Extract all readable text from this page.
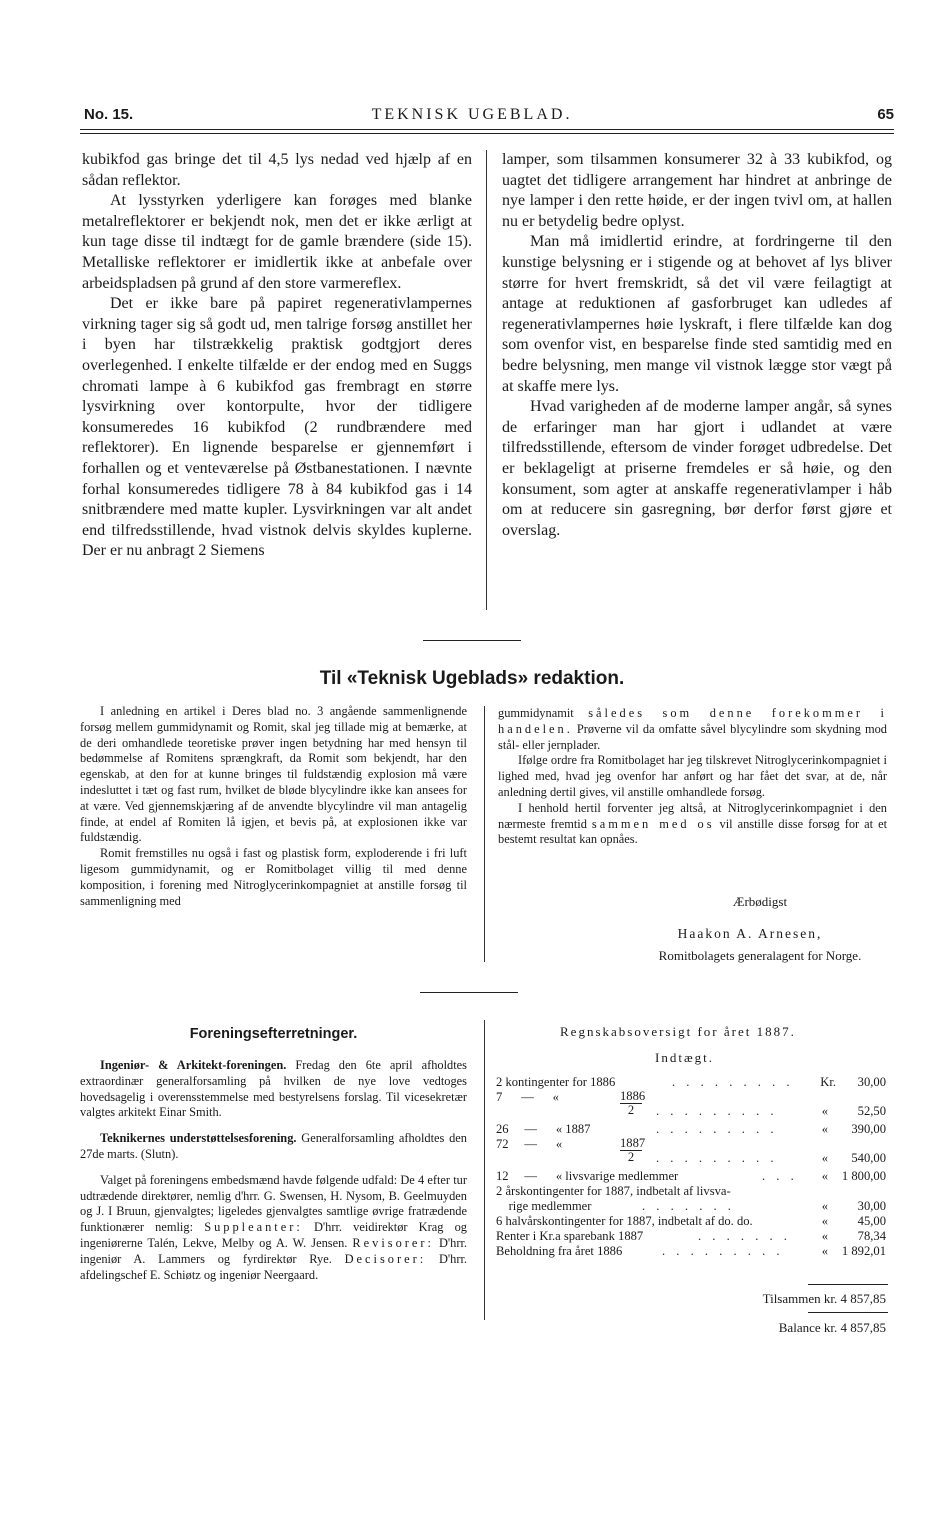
No. 15.	TEKNISK UGEBLAD.	65

kubikfod gas bringe det til 4,5 lys nedad ved hjælp af en sådan reflektor.

At lysstyrken yderligere kan forøges med blanke metalreflektorer er bekjendt nok, men det er ikke ærligt at kun tage disse til indtægt for de gamle brændere (side 15). Metalliske reflektorer er imidlertik ikke at anbefale over arbeidspladsen på grund af den store varmereflex.

Det er ikke bare på papiret regenerativlampernes virkning tager sig så godt ud, men talrige forsøg anstillet her i byen har tilstrækkelig praktisk godtgjort deres overlegenhed. I enkelte tilfælde er der endog med en Suggs chromati lampe à 6 kubikfod gas frembragt en større lysvirkning over kontorpulte, hvor der tidligere konsumeredes 16 kubikfod (2 rundbrændere med reflektorer). En lignende besparelse er gjennemført i forhallen og et venteværelse på Østbanestationen. I nævnte forhal konsumeredes tidligere 78 à 84 kubikfod gas i 14 snitbrændere med matte kupler. Lysvirkningen var alt andet end tilfredsstillende, hvad vistnok delvis skyldes kuplerne. Der er nu anbragt 2 Siemens

lamper, som tilsammen konsumerer 32 à 33 kubikfod, og uagtet det tidligere arrangement har hindret at anbringe de nye lamper i den rette høide, er der ingen tvivl om, at hallen nu er betydelig bedre oplyst.

Man må imidlertid erindre, at fordringerne til den kunstige belysning er i stigende og at behovet af lys bliver større for hvert fremskridt, så det vil være feilagtigt at antage at reduktionen af gasforbruget kan udledes af regenerativlampernes høie lyskraft, i flere tilfælde kan dog som ovenfor vist, en besparelse finde sted samtidig med en bedre belysning, men mange vil vistnok lægge stor vægt på at skaffe mere lys.

Hvad varigheden af de moderne lamper angår, så synes de erfaringer man har gjort i udlandet at være tilfredsstillende, eftersom de vinder forøget udbredelse. Det er beklageligt at priserne fremdeles er så høie, og den konsument, som agter at anskaffe regenerativlamper i håb om at reducere sin gasregning, bør derfor først gjøre et overslag.

Til «Teknisk Ugeblads» redaktion.

I anledning en artikel i Deres blad no. 3 angående sammenlignende forsøg mellem gummidynamit og Romit, skal jeg tillade mig at bemærke, at de deri omhandlede teoretiske prøver ingen betydning har med hensyn til bedømmelse af Romitens sprængkraft, da Romit som bekjendt, har den egenskab, at den for at kunne bringes til fuldstændig explosion må være indesluttet i tæt og fast rum, hvilket de bløde blycylindre ikke kan ansees for at være. Ved gjennemskjæring af de anvendte blycylindre vil man antagelig finde, at endel af Romiten lå igjen, et bevis på, at explosionen ikke var fuldstændig.

Romit fremstilles nu også i fast og plastisk form, exploderende i fri luft ligesom gummidynamit, og er Romitbolaget villig til med denne komposition, i forening med Nitroglycerinkompagniet at anstille forsøg til sammenligning med

gummidynamit således som denne forekommer i handelen. Prøverne vil da omfatte såvel blycylindre som skydning mod stål- eller jernplader.

Ifølge ordre fra Romitbolaget har jeg tilskrevet Nitroglycerinkompagniet i lighed med, hvad jeg ovenfor har anført og har fået det svar, at de, når anledning dertil gives, vil anstille omhandlede forsøg.

I henhold hertil forventer jeg altså, at Nitroglycerinkompagniet i den nærmeste fremtid sammen med os vil anstille disse forsøg for at et bestemt resultat kan opnåes.

Ærbødigst
Haakon A. Arnesen,
Romitbolagets generalagent for Norge.
Foreningsefterretninger.

Ingeniør- & Arkitekt-foreningen. Fredag den 6te april afholdtes extraordinær generalforsamling på hvilken de nye love vedtoges hovedsagelig i overensstemmelse med bestyrelsens forslag. Til vicesekretær valgtes arkitekt Einar Smith.

Teknikernes understøttelsesforening. Generalforsamling afholdtes den 27de marts. (Slutn).

Valget på foreningens embedsmænd havde følgende udfald: De 4 efter tur udtrædende direktører, nemlig d'hrr. G. Swensen, H. Nysom, B. Geelmuyden og J. I Bruun, gjenvalgtes; ligeledes gjenvalgtes samtlige øvrige fratrædende funktionærer nemlig: Suppleanter: D'hrr. veidirektør Krag og ingeniørerne Talén, Lekve, Melby og A. W. Jensen. Revisorer: D'hrr. ingeniør A. Lammers og fyrdirektør Rye. Decisorer: D'hrr. afdelingschef E. Schiøtz og ingeniør Neergaard.

Regnskabsoversigt for året 1887.
Indtægt.
2 kontingenter for 1886	. . . . . . . . . Kr. 30,00
7      —      «	$\frac{1886}{2}$ . . . . . . . . .	« 52,50
26     —      « 1887	. . . . . . . . .	« 390,00
72     —      «	$\frac{1887}{2}$ . . . . . . . . .	« 540,00
12     —      « livsvarige medlemmer	. . . « 1 800,00
2 årskontingenter for 1887, indbetalt af livsva-
rige medlemmer	. . . . . . .	« 30,00
6 halvårskontingenter for 1887, indbetalt af do. do.	« 45,00
Renter i Kr.a sparebank 1887	. . . . . . . « 78,34
Beholdning fra året 1886	. . . . . . . . .	« 1 892,01
Tilsammen kr. 4 857,85
Balance kr. 4 857,85
